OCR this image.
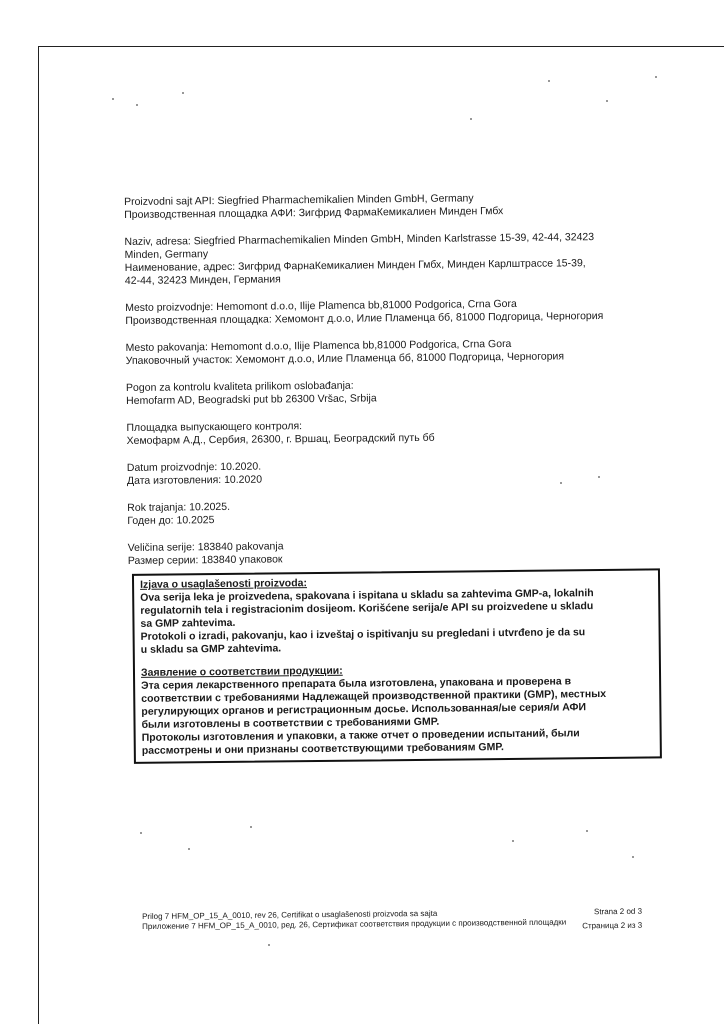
Proizvodni sajt API: Siegfried Pharmachemikalien Minden GmbH, Germany
Производственная площадка АФИ: Зигфрид ФармаКемикалиен Минден Гмбх
Naziv, adresa: Siegfried Pharmachemikalien Minden GmbH, Minden Karlstrasse 15-39, 42-44, 32423
Minden, Germany
Наименование, адрес: Зигфрид ФарнаКемикалиен Минден Гмбх, Минден Карлштрассе 15-39,
42-44, 32423 Минден, Германия
Mesto proizvodnje: Hemomont d.o.o, Ilije Plamenca bb,81000 Podgorica, Crna Gora
Производственная площадка: Хемомонт д.о.о, Илие Пламенца бб, 81000 Подгорица, Черногория
Mesto pakovanja: Hemomont d.o.o, Ilije Plamenca bb,81000 Podgorica, Crna Gora
Упаковочный участок: Хемомонт д.о.о, Илие Пламенца бб, 81000 Подгорица, Черногория
Pogon za kontrolu kvaliteta prilikom oslobađanja:
Hemofarm AD, Beogradski put bb 26300 Vršac, Srbija
Площадка выпускающего контроля:
Хемофарм А.Д., Сербия, 26300, г. Вршац, Београдский путь бб
Datum proizvodnje: 10.2020.
Дата изготовления: 10.2020
Rok trajanja: 10.2025.
Годен до: 10.2025
Veličina serije: 183840 pakovanja
Размер серии: 183840 упаковок
Izjava o usaglašenosti proizvoda:
Ova serija leka je proizvedena, spakovana i ispitana u skladu sa zahtevima GMP-a, lokalnih
regulatornih tela i registracionim dosijeom. Korišćene serija/e API su proizvedene u skladu
sa GMP zahtevima.
Protokoli o izradi, pakovanju, kao i izveštaj o ispitivanju su pregledani i utvrđeno je da su
u skladu sa GMP zahtevima.
Заявление о соответствии продукции:
Эта серия лекарственного препарата была изготовлена, упакована и проверена в
соответствии с требованиями Надлежащей производственной практики (GMP), местных
регулирующих органов и регистрационным досье. Использованная/ые серия/и АФИ
были изготовлены в соответствии с требованиями GMP.
Протоколы изготовления и упаковки, а также отчет о проведении испытаний, были
рассмотрены и они признаны соответствующими требованиям GMP.
Prilog 7 HFM_OP_15_A_0010, rev 26, Certifikat o usaglašenosti proizvoda sa sajta	Strana 2 od 3
Приложение 7 HFM_OP_15_A_0010, ред. 26, Сертификат соответствия продукции с производственной площадки Страница 2 из 3
